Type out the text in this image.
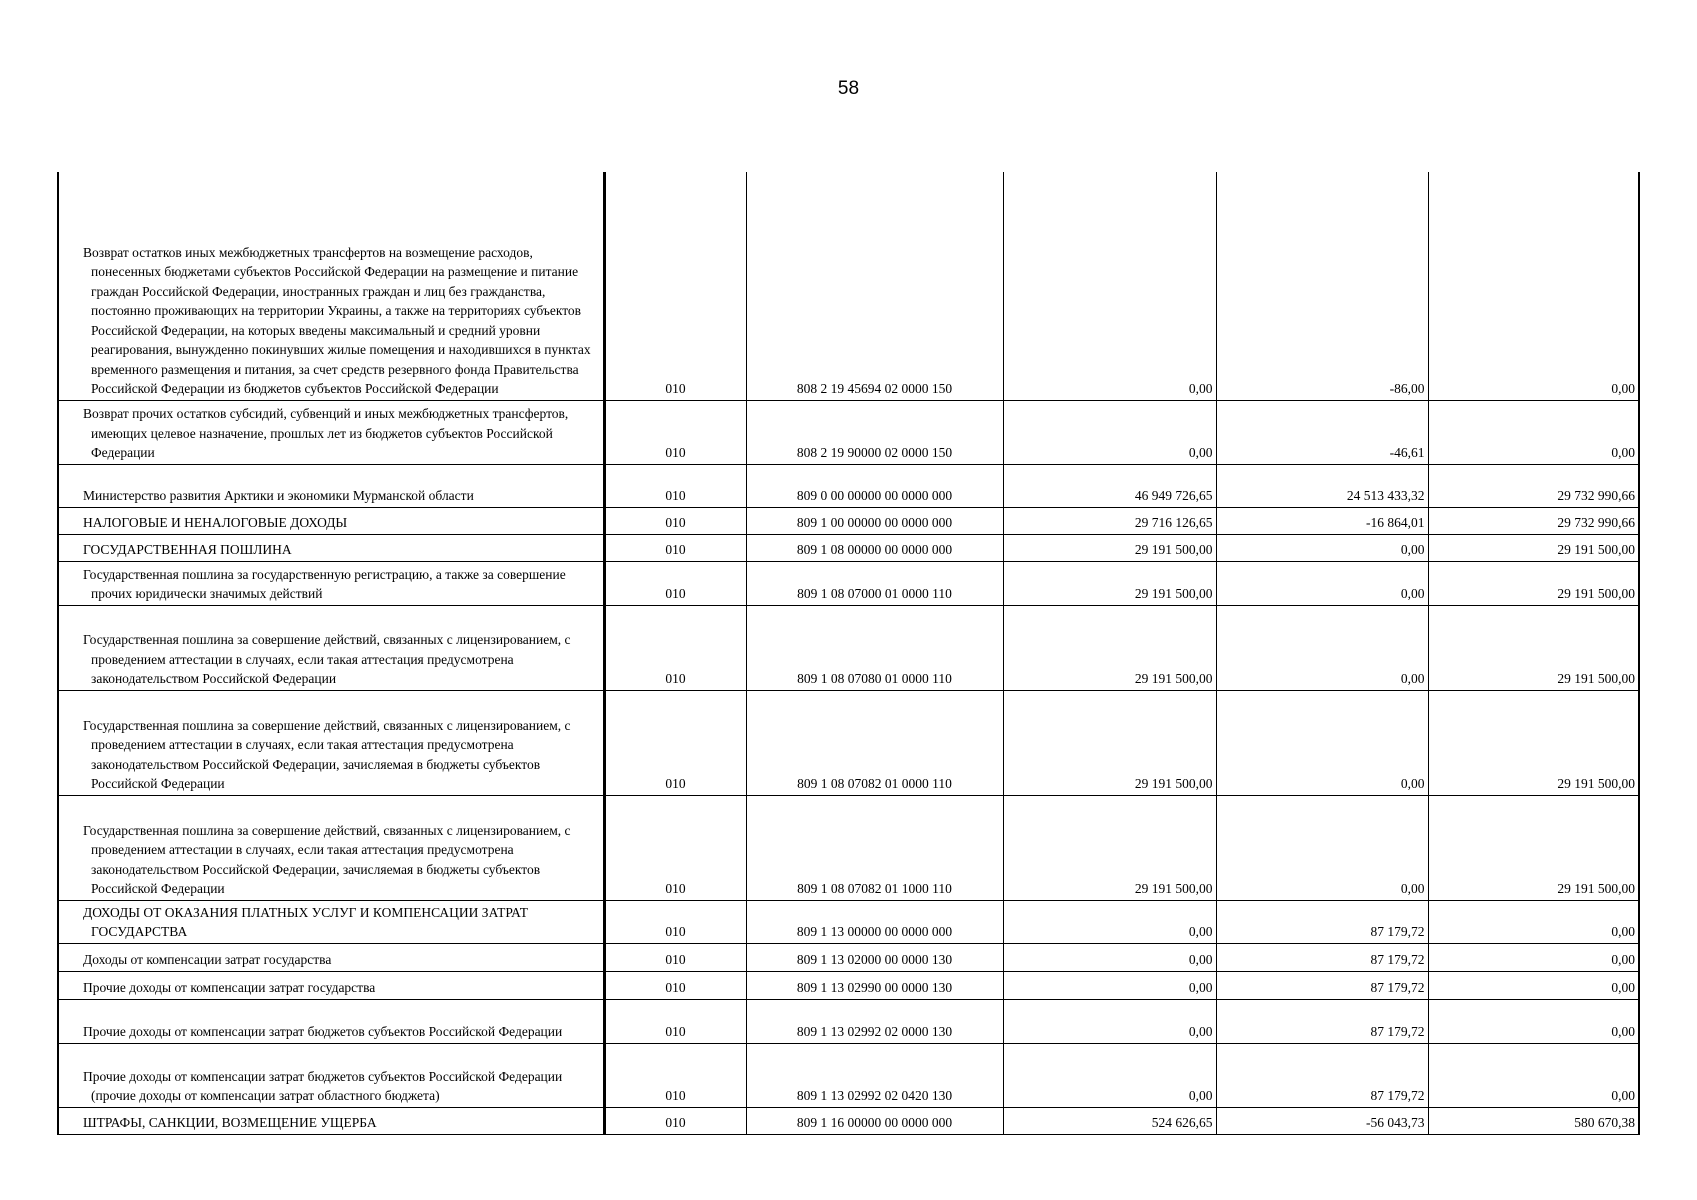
58
Возврат остатков иных межбюджетных трансфертов на возмещение расходов, понесенных бюджетами субъектов Российской Федерации на размещение и питание граждан Российской Федерации, иностранных граждан и лиц без гражданства, постоянно проживающих на территории Украины, а также на территориях субъектов Российской Федерации, на которых введены максимальный и средний уровни реагирования, вынужденно покинувших жилые помещения и находившихся в пунктах временного размещения и питания, за счет средств резервного фонда Правительства Российской Федерации из бюджетов субъектов Российской Федерации	010	808 2 19 45694 02 0000 150	0,00	-86,00	0,00
Возврат прочих остатков субсидий, субвенций и иных межбюджетных трансфертов, имеющих целевое назначение, прошлых лет из бюджетов субъектов Российской Федерации	010	808 2 19 90000 02 0000 150	0,00	-46,61	0,00
Министерство развития Арктики и экономики Мурманской области	010	809 0 00 00000 00 0000 000	46 949 726,65	24 513 433,32	29 732 990,66
НАЛОГОВЫЕ И НЕНАЛОГОВЫЕ ДОХОДЫ	010	809 1 00 00000 00 0000 000	29 716 126,65	-16 864,01	29 732 990,66
ГОСУДАРСТВЕННАЯ ПОШЛИНА	010	809 1 08 00000 00 0000 000	29 191 500,00	0,00	29 191 500,00
Государственная пошлина за государственную регистрацию, а также за совершение прочих юридически значимых действий	010	809 1 08 07000 01 0000 110	29 191 500,00	0,00	29 191 500,00
Государственная пошлина за совершение действий, связанных с лицензированием, с проведением аттестации в случаях, если такая аттестация предусмотрена законодательством Российской Федерации	010	809 1 08 07080 01 0000 110	29 191 500,00	0,00	29 191 500,00
Государственная пошлина за совершение действий, связанных с лицензированием, с проведением аттестации в случаях, если такая аттестация предусмотрена законодательством Российской Федерации, зачисляемая в бюджеты субъектов Российской Федерации	010	809 1 08 07082 01 0000 110	29 191 500,00	0,00	29 191 500,00
Государственная пошлина за совершение действий, связанных с лицензированием, с проведением аттестации в случаях, если такая аттестация предусмотрена законодательством Российской Федерации, зачисляемая в бюджеты субъектов Российской Федерации	010	809 1 08 07082 01 1000 110	29 191 500,00	0,00	29 191 500,00
ДОХОДЫ ОТ ОКАЗАНИЯ ПЛАТНЫХ УСЛУГ И КОМПЕНСАЦИИ ЗАТРАТ ГОСУДАРСТВА	010	809 1 13 00000 00 0000 000	0,00	87 179,72	0,00
Доходы от компенсации затрат государства	010	809 1 13 02000 00 0000 130	0,00	87 179,72	0,00
Прочие доходы от компенсации затрат государства	010	809 1 13 02990 00 0000 130	0,00	87 179,72	0,00
Прочие доходы от компенсации затрат бюджетов субъектов Российской Федерации	010	809 1 13 02992 02 0000 130	0,00	87 179,72	0,00
Прочие доходы от компенсации затрат бюджетов субъектов Российской Федерации (прочие доходы от компенсации затрат областного бюджета)	010	809 1 13 02992 02 0420 130	0,00	87 179,72	0,00
ШТРАФЫ, САНКЦИИ, ВОЗМЕЩЕНИЕ УЩЕРБА	010	809 1 16 00000 00 0000 000	524 626,65	-56 043,73	580 670,38
